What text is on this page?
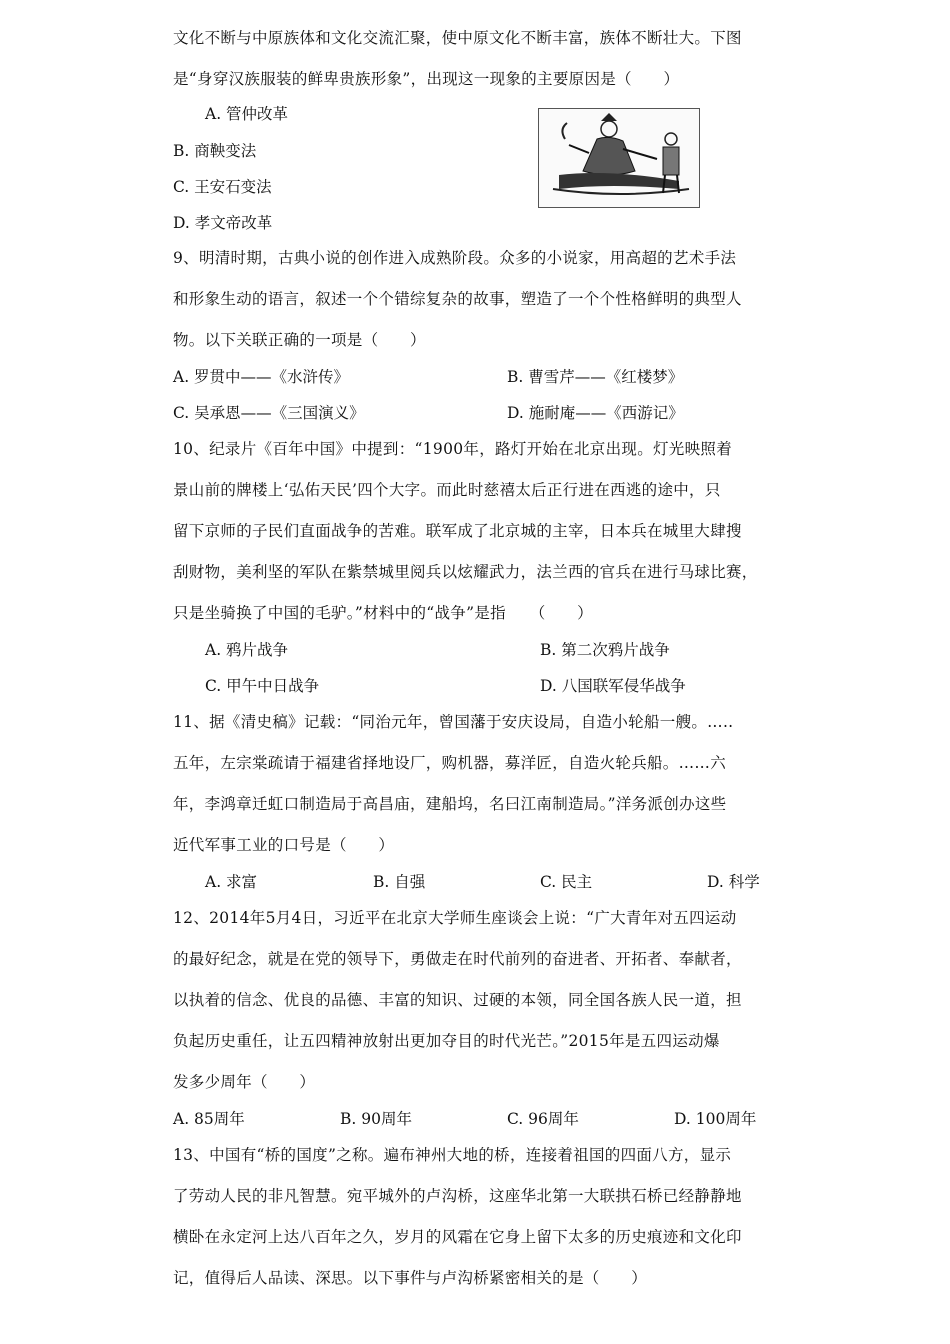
文化不断与中原族体和文化交流汇聚，使中原文化不断丰富，族体不断壮大。下图
是“身穿汉族服装的鲜卑贵族形象”，出现这一现象的主要原因是（　　）
A. 管仲改革
B. 商鞅变法
C. 王安石变法
D. 孝文帝改革
9、明清时期，古典小说的创作进入成熟阶段。众多的小说家，用高超的艺术手法
和形象生动的语言，叙述一个个错综复杂的故事，塑造了一个个性格鲜明的典型人
物。以下关联正确的一项是（　　）
A. 罗贯中——《水浒传》	B. 曹雪芹——《红楼梦》
C. 吴承恩——《三国演义》	D. 施耐庵——《西游记》
10、纪录片《百年中国》中提到：“1900年，路灯开始在北京出现。灯光映照着
景山前的牌楼上‘弘佑天民’四个大字。而此时慈禧太后正行进在西逃的途中，只
留下京师的子民们直面战争的苦难。联军成了北京城的主宰，日本兵在城里大肆搜
刮财物，美利坚的军队在紫禁城里阅兵以炫耀武力，法兰西的官兵在进行马球比赛，
只是坐骑换了中国的毛驴。”材料中的“战争”是指　　（　　）
A. 鸦片战争	B. 第二次鸦片战争
C. 甲午中日战争	D. 八国联军侵华战争
11、据《清史稿》记载：“同治元年，曾国藩于安庆设局，自造小轮船一艘。…..
五年，左宗棠疏请于福建省择地设厂，购机器，募洋匠，自造火轮兵船。……六
年，李鸿章迁虹口制造局于高昌庙，建船坞，名曰江南制造局。”洋务派创办这些
近代军事工业的口号是（　　）
A. 求富	B. 自强	C. 民主	D. 科学
12、2014年5月4日，习近平在北京大学师生座谈会上说：“广大青年对五四运动
的最好纪念，就是在党的领导下，勇做走在时代前列的奋进者、开拓者、奉献者，
以执着的信念、优良的品德、丰富的知识、过硬的本领，同全国各族人民一道，担
负起历史重任，让五四精神放射出更加夺目的时代光芒。”2015年是五四运动爆
发多少周年（　　）
A. 85周年	B. 90周年	C. 96周年	D. 100周年
13、中国有“桥的国度”之称。遍布神州大地的桥，连接着祖国的四面八方，显示
了劳动人民的非凡智慧。宛平城外的卢沟桥，这座华北第一大联拱石桥已经静静地
横卧在永定河上达八百年之久，岁月的风霜在它身上留下太多的历史痕迹和文化印
记，值得后人品读、深思。以下事件与卢沟桥紧密相关的是（　　）
